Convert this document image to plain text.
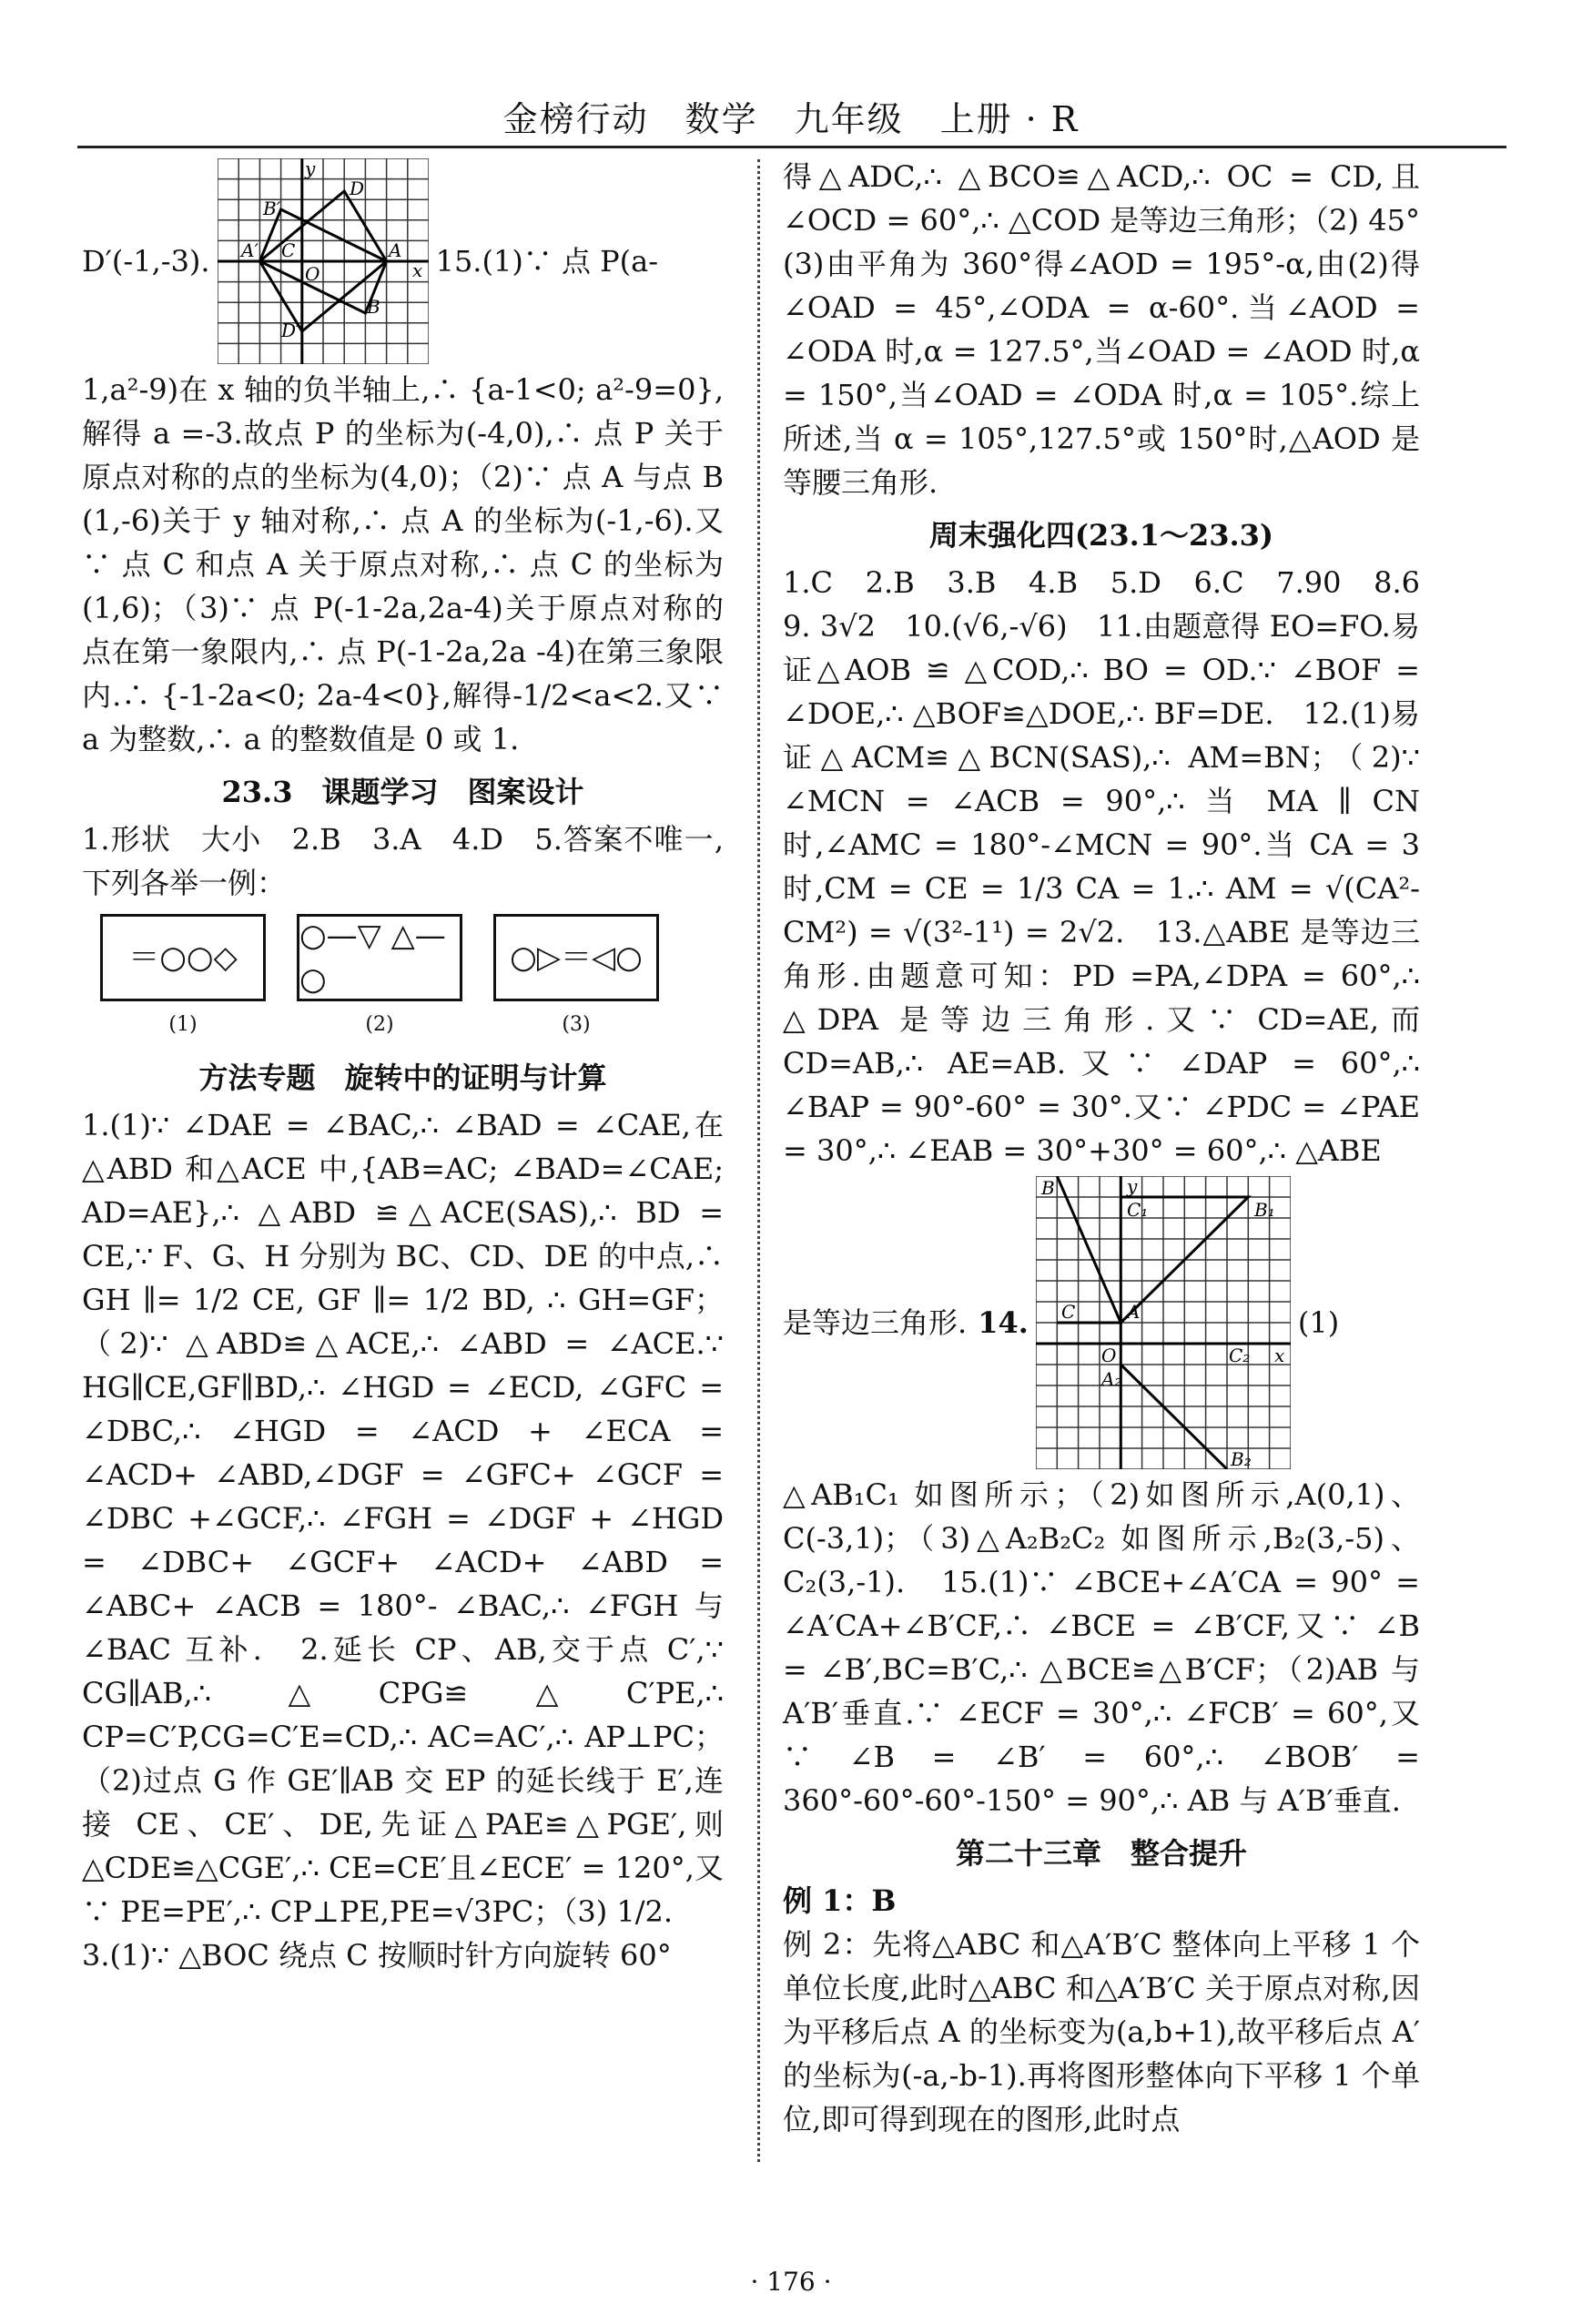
金榜行动　数学　九年级　上册 · R
D′(-1,-3).
y
D
B′
A′ C
O
A
x
B
D′
15.(1)∵ 点 P(a-

1,a²-9)在 x 轴的负半轴上,∴ {a-1<0; a²-9=0},解得 a =-3.故点 P 的坐标为(-4,0),∴ 点 P 关于原点对称的点的坐标为(4,0)；（2)∵ 点 A 与点 B (1,-6)关于 y 轴对称,∴ 点 A 的坐标为(-1,-6).又∵ 点 C 和点 A 关于原点对称,∴ 点 C 的坐标为(1,6)；（3)∵ 点 P(-1-2a,2a-4)关于原点对称的点在第一象限内,∴ 点 P(-1-2a,2a -4)在第三象限内.∴ {-1-2a<0; 2a-4<0},解得-1/2<a<2.又∵ a 为整数,∴ a 的整数值是 0 或 1.

23.3　课题学习　图案设计

1.形状　大小　2.B　3.A　4.D　5.答案不唯一,下列各举一例：

＝○○◇
○—▽ △—○
○▷＝◁○
(1)	(2)	(3)
方法专题　旋转中的证明与计算

1.(1)∵ ∠DAE = ∠BAC,∴ ∠BAD = ∠CAE,在△ABD 和△ACE 中,{AB=AC; ∠BAD=∠CAE; AD=AE},∴ △ABD ≌△ACE(SAS),∴ BD = CE,∵ F、G、H 分别为 BC、CD、DE 的中点,∴ GH ∥= 1/2 CE, GF ∥= 1/2 BD, ∴ GH=GF；（2)∵ △ABD≌△ACE,∴ ∠ABD = ∠ACE.∵ HG∥CE,GF∥BD,∴ ∠HGD = ∠ECD, ∠GFC = ∠DBC,∴ ∠HGD = ∠ACD + ∠ECA = ∠ACD+ ∠ABD,∠DGF = ∠GFC+ ∠GCF = ∠DBC +∠GCF,∴ ∠FGH = ∠DGF + ∠HGD = ∠DBC+ ∠GCF+ ∠ACD+ ∠ABD = ∠ABC+ ∠ACB = 180°- ∠BAC,∴ ∠FGH 与∠BAC 互补.　2.延长 CP、AB,交于点 C′,∵ CG∥AB,∴ △CPG≌△C′PE,∴ CP=C′P,CG=C′E=CD,∴ AC=AC′,∴ AP⊥PC；（2)过点 G 作 GE′∥AB 交 EP 的延长线于 E′,连接 CE、CE′、DE,先证△PAE≌△PGE′,则△CDE≌△CGE′,∴ CE=CE′且∠ECE′ = 120°,又∵ PE=PE′,∴ CP⊥PE,PE=√3PC；（3) 1/2.

3.(1)∵ △BOC 绕点 C 按顺时针方向旋转 60°

得△ADC,∴ △BCO≌△ACD,∴ OC = CD,且∠OCD = 60°,∴ △COD 是等边三角形；（2) 45°　(3)由平角为 360°得∠AOD = 195°-α,由(2)得∠OAD = 45°,∠ODA = α-60°.当∠AOD = ∠ODA 时,α = 127.5°,当∠OAD = ∠AOD 时,α = 150°,当∠OAD = ∠ODA 时,α = 105°.综上所述,当 α = 105°,127.5°或 150°时,△AOD 是等腰三角形.

周末强化四(23.1～23.3)

1.C　2.B　3.B　4.B　5.D　6.C　7.90　8.6　9. 3√2　10.(√6,-√6)　11.由题意得 EO=FO.易证△AOB ≌ △COD,∴ BO = OD.∵ ∠BOF = ∠DOE,∴ △BOF≌△DOE,∴ BF=DE.　12.(1)易证△ACM≌△BCN(SAS),∴ AM=BN；（2)∵ ∠MCN = ∠ACB = 90°,∴ 当 MA ∥ CN 时,∠AMC = 180°-∠MCN = 90°.当 CA = 3 时,CM = CE = 1/3 CA = 1.∴ AM = √(CA²-CM²) = √(3²-1¹) = 2√2.　13.△ABE 是等边三角形.由题意可知：PD =PA,∠DPA = 60°,∴ △DPA 是等边三角形.又∵ CD=AE,而 CD=AB,∴ AE=AB.又∵ ∠DAP = 60°,∴ ∠BAP = 90°-60° = 30°.又∵ ∠PDC = ∠PAE = 30°,∴ ∠EAB = 30°+30° = 60°,∴ △ABE

是等边三角形. 14.
B	y
C₁	B₁
C	A
O	C₂ x
A₂
B₂
(1)

△AB₁C₁ 如图所示；（2)如图所示,A(0,1)、C(-3,1)；（3)△A₂B₂C₂ 如图所示,B₂(3,-5)、C₂(3,-1).　15.(1)∵ ∠BCE+∠A′CA = 90° = ∠A′CA+∠B′CF,∴ ∠BCE = ∠B′CF,又∵ ∠B = ∠B′,BC=B′C,∴ △BCE≌△B′CF；（2)AB 与 A′B′垂直.∵ ∠ECF = 30°,∴ ∠FCB′ = 60°,又∵ ∠B = ∠B′ = 60°,∴ ∠BOB′ = 360°-60°-60°-150° = 90°,∴ AB 与 A′B′垂直.

第二十三章　整合提升

例 1：B

例 2：先将△ABC 和△A′B′C 整体向上平移 1 个单位长度,此时△ABC 和△A′B′C 关于原点对称,因为平移后点 A 的坐标变为(a,b+1),故平移后点 A′的坐标为(-a,-b-1).再将图形整体向下平移 1 个单位,即可得到现在的图形,此时点

· 176 ·
